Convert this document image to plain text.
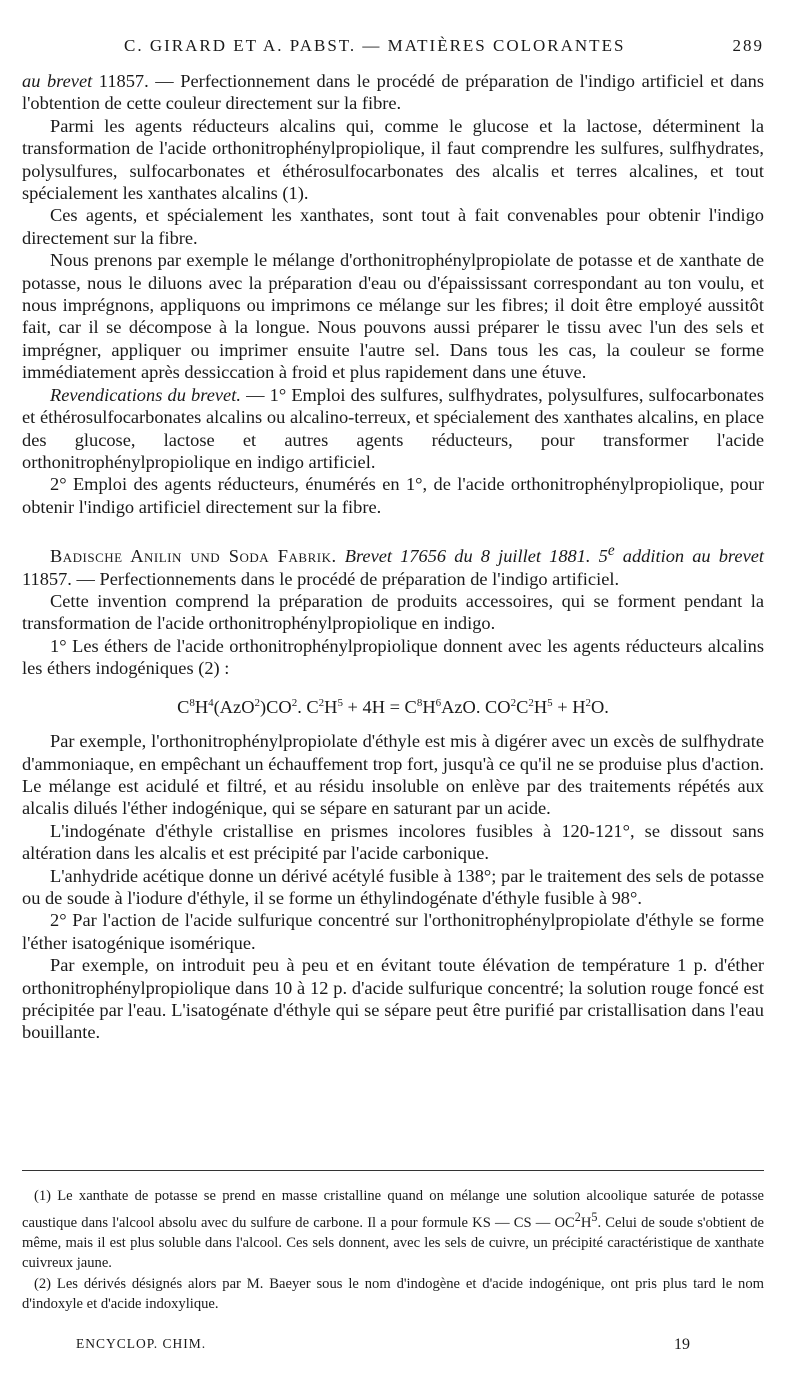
C. GIRARD ET A. PABST. — MATIÈRES COLORANTES	289

au brevet 11857. — Perfectionnement dans le procédé de préparation de l'indigo artificiel et dans l'obtention de cette couleur directement sur la fibre.

Parmi les agents réducteurs alcalins qui, comme le glucose et la lactose, déterminent la transformation de l'acide orthonitrophénylpropiolique, il faut comprendre les sulfures, sulfhydrates, polysulfures, sulfocarbonates et éthérosulfocarbonates des alcalis et terres alcalines, et tout spécialement les xanthates alcalins (1).

Ces agents, et spécialement les xanthates, sont tout à fait convenables pour obtenir l'indigo directement sur la fibre.

Nous prenons par exemple le mélange d'orthonitrophénylpropiolate de potasse et de xanthate de potasse, nous le diluons avec la préparation d'eau ou d'épaississant correspondant au ton voulu, et nous imprégnons, appliquons ou imprimons ce mélange sur les fibres; il doit être employé aussitôt fait, car il se décompose à la longue. Nous pouvons aussi préparer le tissu avec l'un des sels et imprégner, appliquer ou imprimer ensuite l'autre sel. Dans tous les cas, la couleur se forme immédiatement après dessiccation à froid et plus rapidement dans une étuve.

Revendications du brevet. — 1° Emploi des sulfures, sulfhydrates, polysulfures, sulfocarbonates et éthérosulfocarbonates alcalins ou alcalino-terreux, et spécialement des xanthates alcalins, en place des glucose, lactose et autres agents réducteurs, pour transformer l'acide orthonitrophénylpropiolique en indigo artificiel.

2° Emploi des agents réducteurs, énumérés en 1°, de l'acide orthonitrophénylpropiolique, pour obtenir l'indigo artificiel directement sur la fibre.

Badische Anilin und Soda Fabrik. Brevet 17656 du 8 juillet 1881. 5e addition au brevet 11857. — Perfectionnements dans le procédé de préparation de l'indigo artificiel.

Cette invention comprend la préparation de produits accessoires, qui se forment pendant la transformation de l'acide orthonitrophénylpropiolique en indigo.

1° Les éthers de l'acide orthonitrophénylpropiolique donnent avec les agents réducteurs alcalins les éthers indogéniques (2) :

$C^8H^4(AzO^2)CO^2$. $C^2H^5 + 4H = C^8H^6AzO$. $CO^2C^2H^5 + H^2O$.

Par exemple, l'orthonitrophénylpropiolate d'éthyle est mis à digérer avec un excès de sulfhydrate d'ammoniaque, en empêchant un échauffement trop fort, jusqu'à ce qu'il ne se produise plus d'action. Le mélange est acidulé et filtré, et au résidu insoluble on enlève par des traitements répétés aux alcalis dilués l'éther indogénique, qui se sépare en saturant par un acide.

L'indogénate d'éthyle cristallise en prismes incolores fusibles à 120-121°, se dissout sans altération dans les alcalis et est précipité par l'acide carbonique.

L'anhydride acétique donne un dérivé acétylé fusible à 138°; par le traitement des sels de potasse ou de soude à l'iodure d'éthyle, il se forme un éthylindogénate d'éthyle fusible à 98°.

2° Par l'action de l'acide sulfurique concentré sur l'orthonitrophénylpropiolate d'éthyle se forme l'éther isatogénique isomérique.

Par exemple, on introduit peu à peu et en évitant toute élévation de température 1 p. d'éther orthonitrophénylpropiolique dans 10 à 12 p. d'acide sulfurique concentré; la solution rouge foncé est précipitée par l'eau. L'isatogénate d'éthyle qui se sépare peut être purifié par cristallisation dans l'eau bouillante.

(1) Le xanthate de potasse se prend en masse cristalline quand on mélange une solution alcoolique saturée de potasse caustique dans l'alcool absolu avec du sulfure de carbone. Il a pour formule KS — CS — $OC^2H^5$. Celui de soude s'obtient de même, mais il est plus soluble dans l'alcool. Ces sels donnent, avec les sels de cuivre, un précipité caractéristique de xanthate cuivreux jaune.

(2) Les dérivés désignés alors par M. Baeyer sous le nom d'indogène et d'acide indogénique, ont pris plus tard le nom d'indoxyle et d'acide indoxylique.

ENCYCLOP. CHIM.	19
